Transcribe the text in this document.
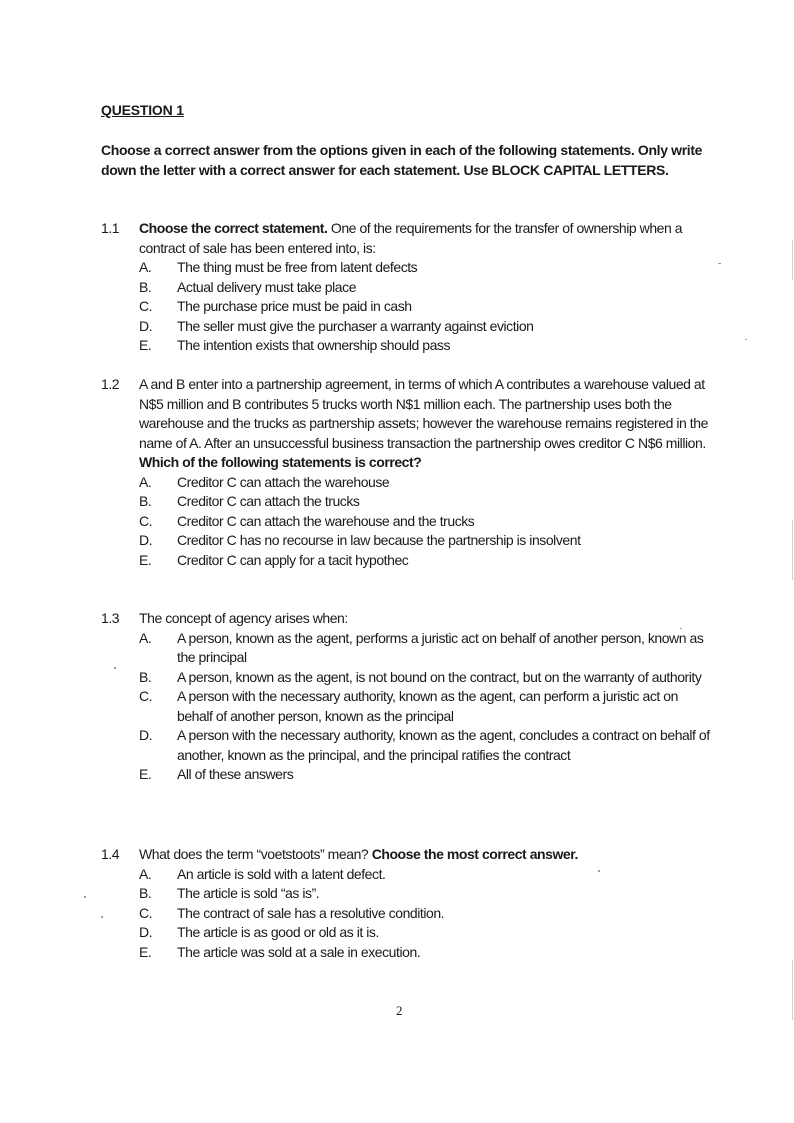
QUESTION 1
Choose a correct answer from the options given in each of the following statements. Only write down the letter with a correct answer for each statement. Use BLOCK CAPITAL LETTERS.
1.1 Choose the correct statement. One of the requirements for the transfer of ownership when a contract of sale has been entered into, is:
A. The thing must be free from latent defects
B. Actual delivery must take place
C. The purchase price must be paid in cash
D. The seller must give the purchaser a warranty against eviction
E. The intention exists that ownership should pass
1.2 A and B enter into a partnership agreement, in terms of which A contributes a warehouse valued at N$5 million and B contributes 5 trucks worth N$1 million each. The partnership uses both the warehouse and the trucks as partnership assets; however the warehouse remains registered in the name of A. After an unsuccessful business transaction the partnership owes creditor C N$6 million. Which of the following statements is correct?
A. Creditor C can attach the warehouse
B. Creditor C can attach the trucks
C. Creditor C can attach the warehouse and the trucks
D. Creditor C has no recourse in law because the partnership is insolvent
E. Creditor C can apply for a tacit hypothec
1.3 The concept of agency arises when:
A. A person, known as the agent, performs a juristic act on behalf of another person, known as the principal
B. A person, known as the agent, is not bound on the contract, but on the warranty of authority
C. A person with the necessary authority, known as the agent, can perform a juristic act on behalf of another person, known as the principal
D. A person with the necessary authority, known as the agent, concludes a contract on behalf of another, known as the principal, and the principal ratifies the contract
E. All of these answers
1.4 What does the term “voetstoots” mean? Choose the most correct answer.
A. An article is sold with a latent defect.
B. The article is sold “as is”.
C. The contract of sale has a resolutive condition.
D. The article is as good or old as it is.
E. The article was sold at a sale in execution.
2
